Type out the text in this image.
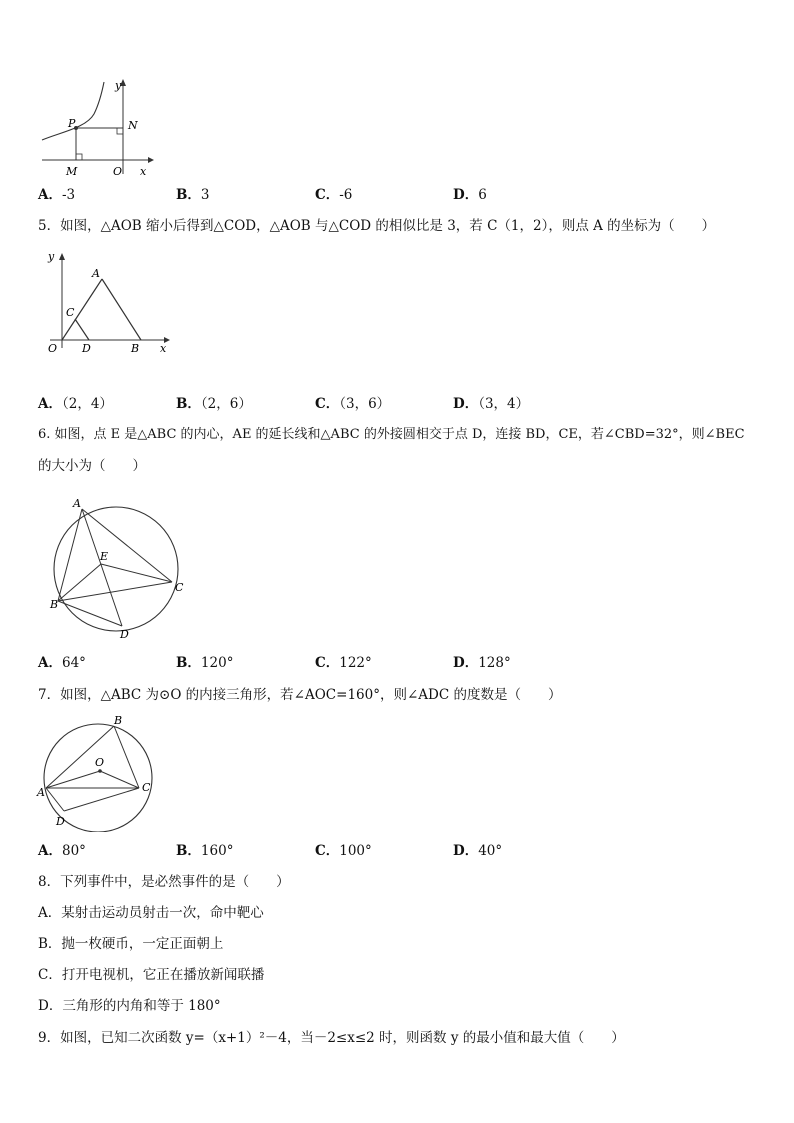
y
P	N
M	O x
A．-3	B．3	C．-6	D．6
5．如图，△AOB 缩小后得到△COD，△AOB 与△COD 的相似比是 3，若 C（1，2），则点 A 的坐标为（　　）
y
A
C
O D	B x
A．（2，4）	B．（2，6）	C．（3，6）	D．（3，4）
6. 如图，点 E 是△ABC 的内心，AE 的延长线和△ABC 的外接圆相交于点 D，连接 BD，CE，若∠CBD=32°，则∠BEC
的大小为（　　）
A
E
B
C
D
A．64°	B．120°	C．122°	D．128°
7．如图，△ABC 为⊙O 的内接三角形，若∠AOC=160°，则∠ADC 的度数是（　　）
B
O
A	C
D
A．80°	B．160°	C．100°	D．40°
8．下列事件中，是必然事件的是（　　）
A．某射击运动员射击一次，命中靶心
B．抛一枚硬币，一定正面朝上
C．打开电视机，它正在播放新闻联播
D．三角形的内角和等于 180°
9．如图，已知二次函数 y=（x+1）²－4，当－2≤x≤2 时，则函数 y 的最小值和最大值（　　）
